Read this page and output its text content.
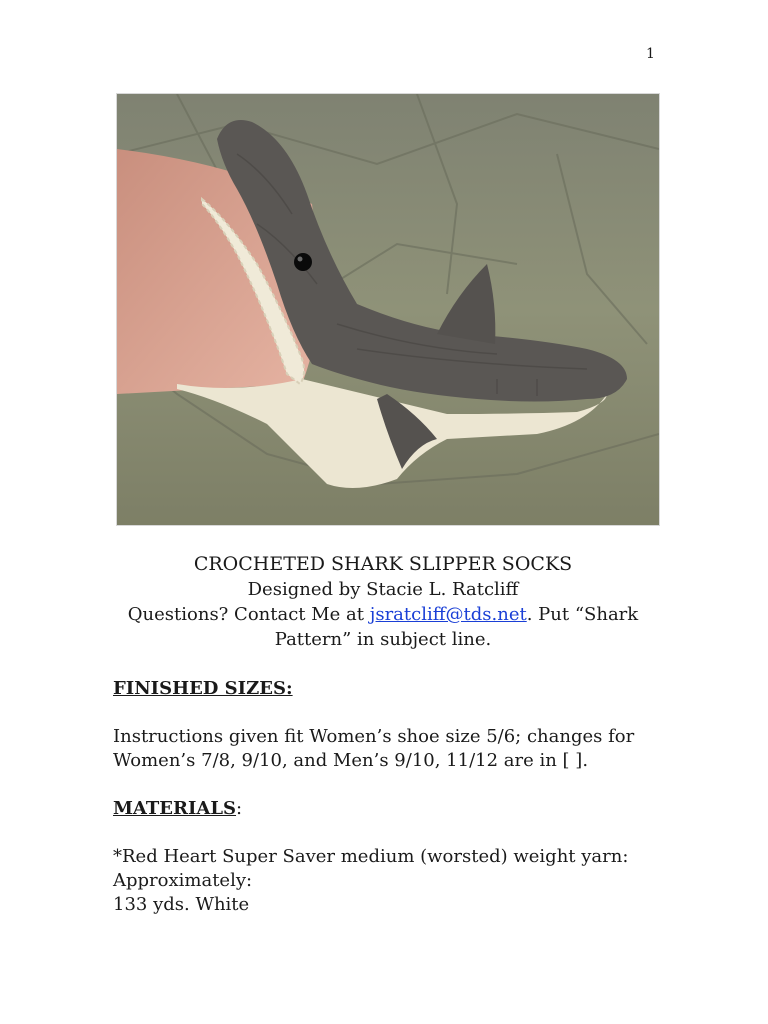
1
CROCHETED SHARK SLIPPER SOCKS
Designed by Stacie L. Ratcliff
Questions? Contact Me at jsratcliff@tds.net. Put “Shark Pattern” in subject line.
FINISHED SIZES:
Instructions given fit Women’s shoe size 5/6; changes for
Women’s 7/8, 9/10, and Men’s 9/10, 11/12 are in [ ].
MATERIALS:
*Red Heart Super Saver medium (worsted) weight yarn:
Approximately:
133 yds. White
